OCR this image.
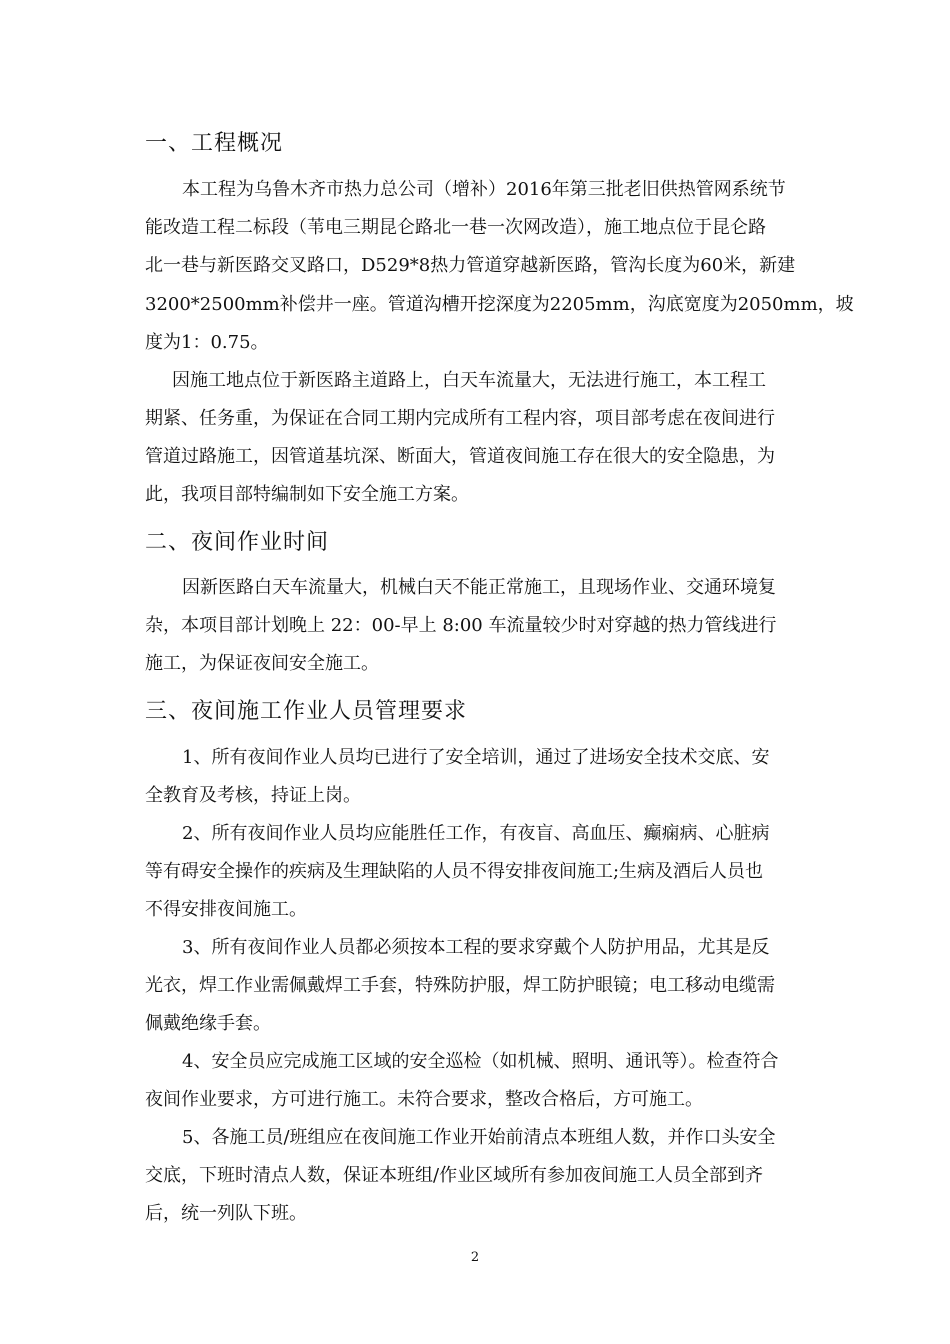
一、工程概况
本工程为乌鲁木齐市热力总公司（增补）2016年第三批老旧供热管网系统节
能改造工程二标段（苇电三期昆仑路北一巷一次网改造），施工地点位于昆仑路
北一巷与新医路交叉路口，D529*8热力管道穿越新医路，管沟长度为60米，新建
3200*2500mm补偿井一座。管道沟槽开挖深度为2205mm，沟底宽度为2050mm，坡
度为1：0.75。
因施工地点位于新医路主道路上，白天车流量大，无法进行施工，本工程工
期紧、任务重，为保证在合同工期内完成所有工程内容，项目部考虑在夜间进行
管道过路施工，因管道基坑深、断面大，管道夜间施工存在很大的安全隐患，为
此，我项目部特编制如下安全施工方案。
二、夜间作业时间
因新医路白天车流量大，机械白天不能正常施工，且现场作业、交通环境复
杂，本项目部计划晚上 22：00-早上 8:00 车流量较少时对穿越的热力管线进行
施工，为保证夜间安全施工。
三、夜间施工作业人员管理要求
1、所有夜间作业人员均已进行了安全培训，通过了进场安全技术交底、安
全教育及考核，持证上岗。
2、所有夜间作业人员均应能胜任工作，有夜盲、高血压、癫痫病、心脏病
等有碍安全操作的疾病及生理缺陷的人员不得安排夜间施工;生病及酒后人员也
不得安排夜间施工。
3、所有夜间作业人员都必须按本工程的要求穿戴个人防护用品，尤其是反
光衣，焊工作业需佩戴焊工手套，特殊防护服，焊工防护眼镜；电工移动电缆需
佩戴绝缘手套。
4、安全员应完成施工区域的安全巡检（如机械、照明、通讯等）。检查符合
夜间作业要求，方可进行施工。未符合要求，整改合格后，方可施工。
5、各施工员/班组应在夜间施工作业开始前清点本班组人数，并作口头安全
交底，下班时清点人数，保证本班组/作业区域所有参加夜间施工人员全部到齐
后，统一列队下班。
2
